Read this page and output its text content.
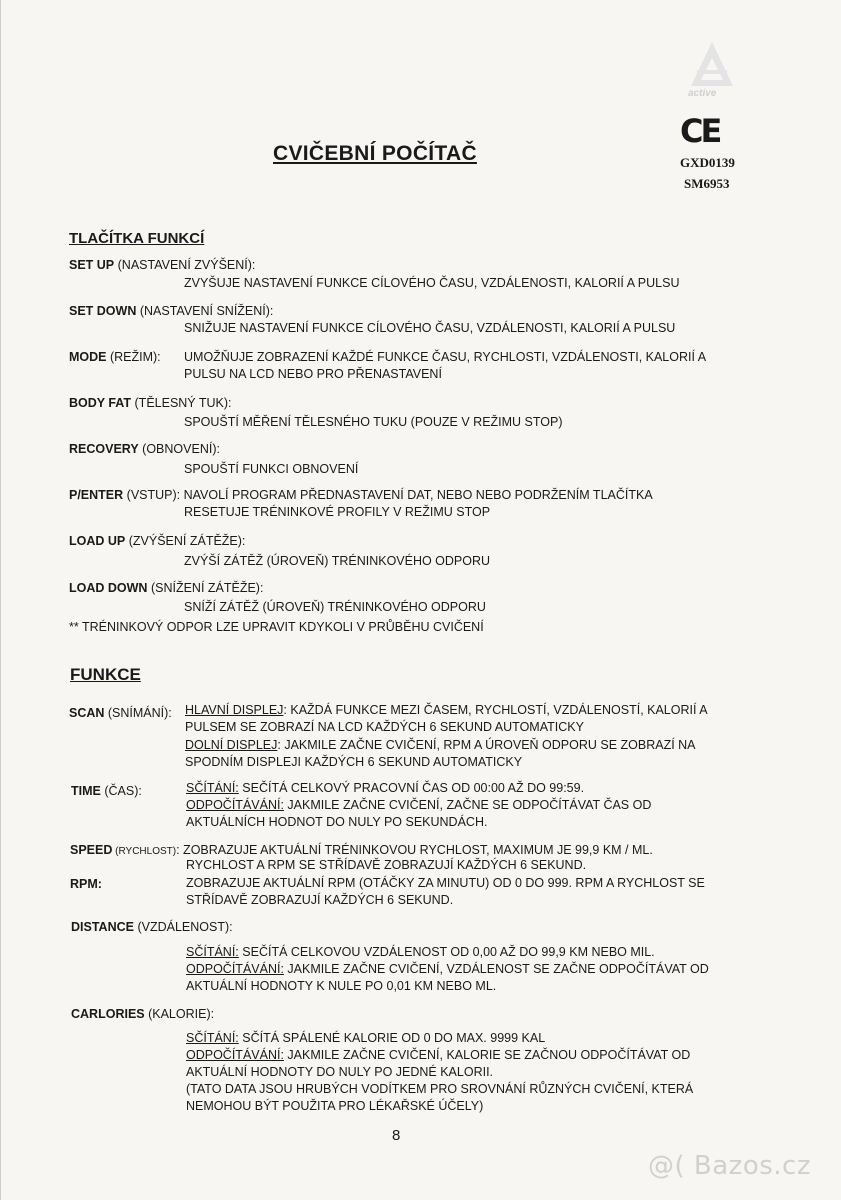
active
CVIČEBNÍ POČÍTAČ
CE
GXD0139
SM6953
TLAČÍTKA FUNKCÍ
SET UP (NASTAVENÍ ZVÝŠENÍ):
ZVYŠUJE NASTAVENÍ FUNKCE CÍLOVÉHO ČASU, VZDÁLENOSTI, KALORIÍ A PULSU
SET DOWN (NASTAVENÍ SNÍŽENÍ):
SNIŽUJE NASTAVENÍ FUNKCE CÍLOVÉHO ČASU, VZDÁLENOSTI, KALORIÍ A PULSU
MODE (REŽIM): UMOŽŇUJE ZOBRAZENÍ KAŽDÉ FUNKCE ČASU, RYCHLOSTI, VZDÁLENOSTI, KALORIÍ A
PULSU NA LCD NEBO PRO PŘENASTAVENÍ
BODY FAT (TĚLESNÝ TUK):
SPOUŠTÍ MĚŘENÍ TĚLESNÉHO TUKU (POUZE V REŽIMU STOP)
RECOVERY (OBNOVENÍ):
SPOUŠTÍ FUNKCI OBNOVENÍ
P/ENTER (VSTUP): NAVOLÍ PROGRAM PŘEDNASTAVENÍ DAT, NEBO NEBO PODRŽENÍM TLAČÍTKA
RESETUJE TRÉNINKOVÉ PROFILY V REŽIMU STOP
LOAD UP (ZVÝŠENÍ ZÁTĚŽE):
ZVÝŠÍ ZÁTĚŽ (ÚROVEŇ) TRÉNINKOVÉHO ODPORU
LOAD DOWN (SNÍŽENÍ ZÁTĚŽE):
SNÍŽÍ ZÁTĚŽ (ÚROVEŇ) TRÉNINKOVÉHO ODPORU
** TRÉNINKOVÝ ODPOR LZE UPRAVIT KDYKOLI V PRŮBĚHU CVIČENÍ
FUNKCE
SCAN (SNÍMÁNÍ): HLAVNÍ DISPLEJ: KAŽDÁ FUNKCE MEZI ČASEM, RYCHLOSTÍ, VZDÁLENOSTÍ, KALORIÍ A
PULSEM SE ZOBRAZÍ NA LCD KAŽDÝCH 6 SEKUND AUTOMATICKY
DOLNÍ DISPLEJ: JAKMILE ZAČNE CVIČENÍ, RPM A ÚROVEŇ ODPORU SE ZOBRAZÍ NA
SPODNÍM DISPLEJI KAŽDÝCH 6 SEKUND AUTOMATICKY
TIME (ČAS):	SČÍTÁNÍ: SEČÍTÁ CELKOVÝ PRACOVNÍ ČAS OD 00:00 AŽ DO 99:59.
ODPOČÍTÁVÁNÍ: JAKMILE ZAČNE CVIČENÍ, ZAČNE SE ODPOČÍTÁVAT ČAS OD
AKTUÁLNÍCH HODNOT DO NULY PO SEKUNDÁCH.
SPEED (RYCHLOST): ZOBRAZUJE AKTUÁLNÍ TRÉNINKOVOU RYCHLOST, MAXIMUM JE 99,9 KM / ML.
RYCHLOST A RPM SE STŘÍDAVĚ ZOBRAZUJÍ KAŽDÝCH 6 SEKUND.
RPM:	ZOBRAZUJE AKTUÁLNÍ RPM (OTÁČKY ZA MINUTU) OD 0 DO 999. RPM A RYCHLOST SE
STŘÍDAVĚ ZOBRAZUJÍ KAŽDÝCH 6 SEKUND.
DISTANCE (VZDÁLENOST):
SČÍTÁNÍ: SEČÍTÁ CELKOVOU VZDÁLENOST OD 0,00 AŽ DO 99,9 KM NEBO MIL.
ODPOČÍTÁVÁNÍ: JAKMILE ZAČNE CVIČENÍ, VZDÁLENOST SE ZAČNE ODPOČÍTÁVAT OD
AKTUÁLNÍ HODNOTY K NULE PO 0,01 KM NEBO ML.
CARLORIES (KALORIE):
SČÍTÁNÍ: SČÍTÁ SPÁLENÉ KALORIE OD 0 DO MAX. 9999 KAL
ODPOČÍTÁVÁNÍ: JAKMILE ZAČNE CVIČENÍ, KALORIE SE ZAČNOU ODPOČÍTÁVAT OD
AKTUÁLNÍ HODNOTY DO NULY PO JEDNÉ KALORII.
(TATO DATA JSOU HRUBÝCH VODÍTKEM PRO SROVNÁNÍ RŮZNÝCH CVIČENÍ, KTERÁ
NEMOHOU BÝT POUŽITA PRO LÉKAŘSKÉ ÚČELY)
8
@( Bazos.cz
